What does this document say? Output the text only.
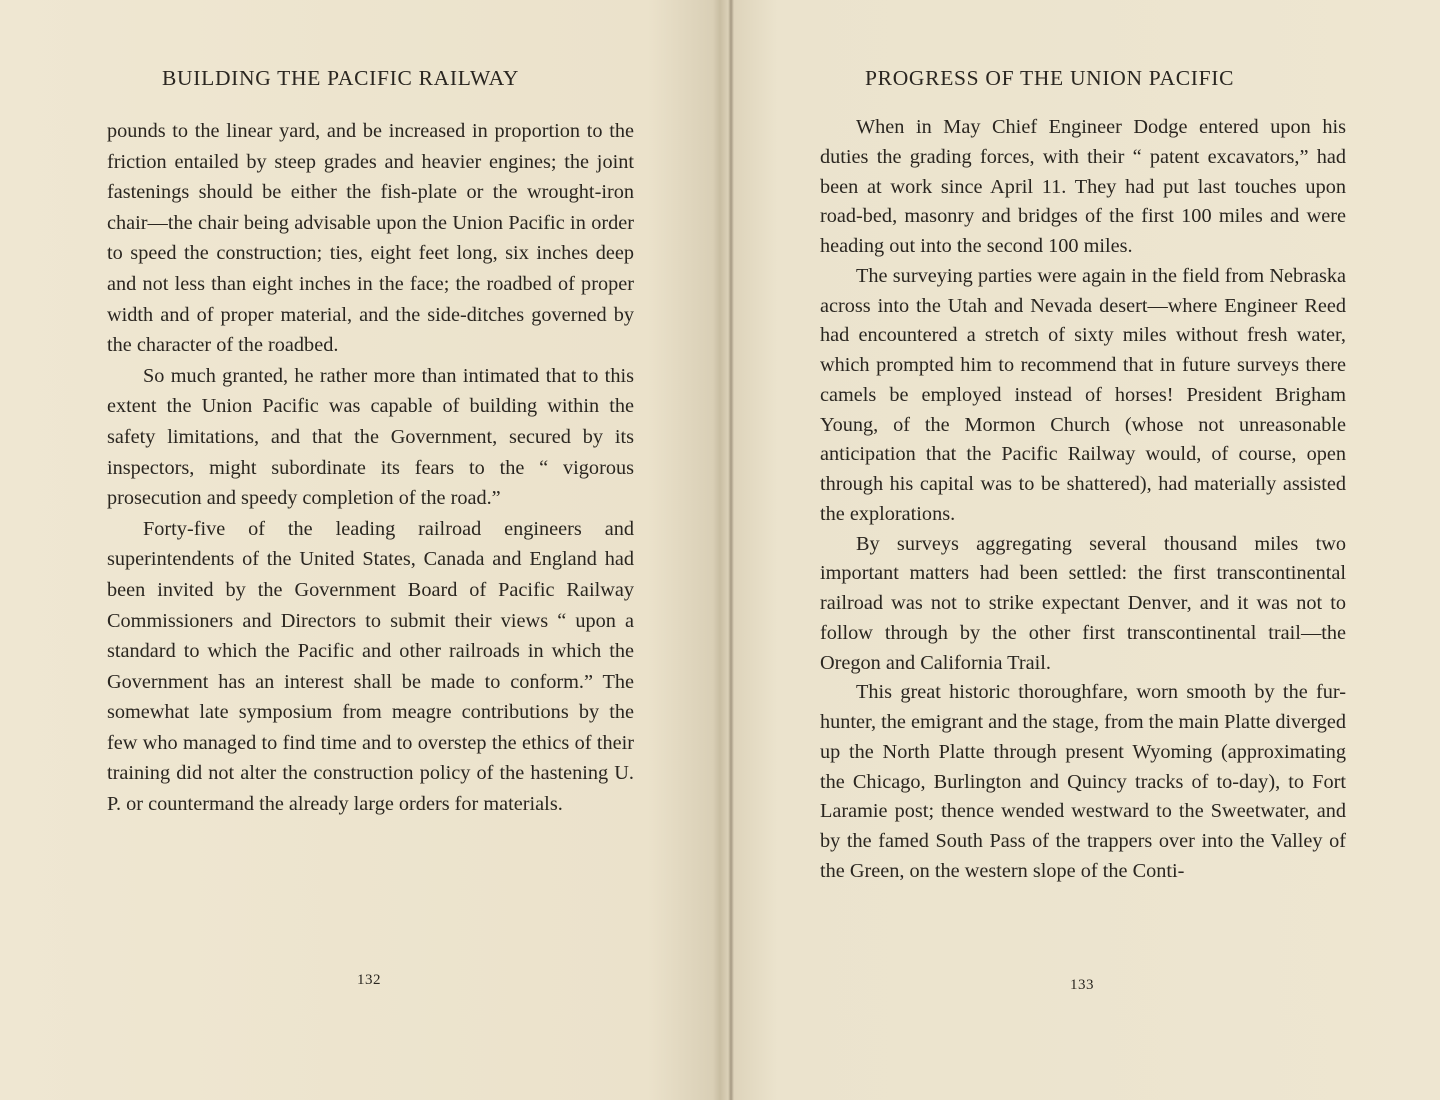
BUILDING THE PACIFIC RAILWAY

pounds to the linear yard, and be increased in proportion to the friction entailed by steep grades and heavier engines; the joint fastenings should be either the fish-plate or the wrought-iron chair—the chair being advisable upon the Union Pacific in order to speed the construction; ties, eight feet long, six inches deep and not less than eight inches in the face; the roadbed of proper width and of proper material, and the side-ditches governed by the character of the roadbed.

So much granted, he rather more than intimated that to this extent the Union Pacific was capable of building within the safety limitations, and that the Government, secured by its inspectors, might subordinate its fears to the “ vigorous prosecution and speedy completion of the road.”

Forty-five of the leading railroad engineers and superintendents of the United States, Canada and England had been invited by the Government Board of Pacific Railway Commissioners and Directors to submit their views “ upon a standard to which the Pacific and other railroads in which the Government has an interest shall be made to conform.” The somewhat late symposium from meagre contributions by the few who managed to find time and to overstep the ethics of their training did not alter the construction policy of the hastening U. P. or countermand the already large orders for materials.

132
PROGRESS OF THE UNION PACIFIC

When in May Chief Engineer Dodge entered upon his duties the grading forces, with their “ patent excavators,” had been at work since April 11. They had put last touches upon road-bed, masonry and bridges of the first 100 miles and were heading out into the second 100 miles.

The surveying parties were again in the field from Nebraska across into the Utah and Nevada desert—where Engineer Reed had encountered a stretch of sixty miles without fresh water, which prompted him to recommend that in future surveys there camels be employed instead of horses! President Brigham Young, of the Mormon Church (whose not unreasonable anticipation that the Pacific Railway would, of course, open through his capital was to be shattered), had materially assisted the explorations.

By surveys aggregating several thousand miles two important matters had been settled: the first transcontinental railroad was not to strike expectant Denver, and it was not to follow through by the other first transcontinental trail—the Oregon and California Trail.

This great historic thoroughfare, worn smooth by the fur-hunter, the emigrant and the stage, from the main Platte diverged up the North Platte through present Wyoming (approximating the Chicago, Burlington and Quincy tracks of to-day), to Fort Laramie post; thence wended westward to the Sweetwater, and by the famed South Pass of the trappers over into the Valley of the Green, on the western slope of the Conti-

133
